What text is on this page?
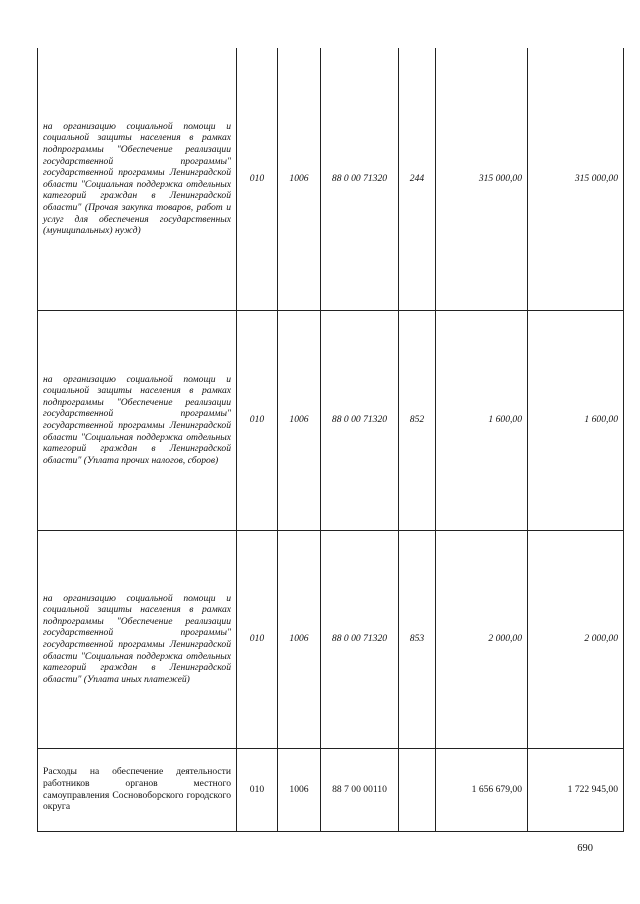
на организацию социальной помощи и социальной защиты населения в рамках подпрограммы "Обеспечение реализации государственной программы" государственной программы Ленинградской области "Социальная поддержка отдельных категорий граждан в Ленинградской области" (Прочая закупка товаров, работ и услуг для обеспечения государственных (муниципальных) нужд)	010	1006	88 0 00 71320	244	315 000,00	315 000,00
на организацию социальной помощи и социальной защиты населения в рамках подпрограммы "Обеспечение реализации государственной программы" государственной программы Ленинградской области "Социальная поддержка отдельных категорий граждан в Ленинградской области" (Уплата прочих налогов, сборов)	010	1006	88 0 00 71320	852	1 600,00	1 600,00
на организацию социальной помощи и социальной защиты населения в рамках подпрограммы "Обеспечение реализации государственной программы" государственной программы Ленинградской области "Социальная поддержка отдельных категорий граждан в Ленинградской области" (Уплата иных платежей)	010	1006	88 0 00 71320	853	2 000,00	2 000,00
Расходы на обеспечение деятельности работников органов местного самоуправления Сосновоборского городского округа	010	1006	88 7 00 00110		1 656 679,00	1 722 945,00
690
